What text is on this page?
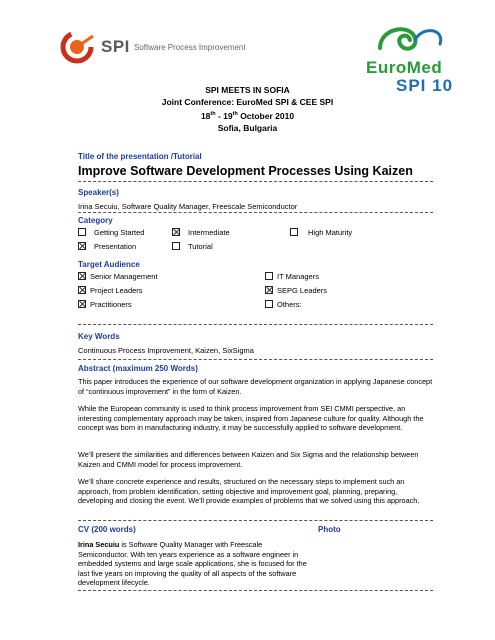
SPI Software Process Improvement
EuroMed
SPI 10
SPI MEETS IN SOFIA
Joint Conference: EuroMed SPI & CEE SPI
18th - 19th October 2010
Sofia, Bulgaria
Title of the presentation /Tutorial
Improve Software Development Processes Using Kaizen
Speaker(s)
Irina Secuiu, Software Quality Manager, Freescale Semiconductor
Category
Getting Started	Intermediate	High Maturity
Presentation	Tutorial
Target Audience
Senior Management	IT Managers
Project Leaders	SEPG Leaders
Practitioners	Others:
Key Words
Continuous Process Improvement, Kaizen, SixSigma
Abstract (maximum 250 Words)
This paper introduces the experience of our software development organization in applying Japanese concept of “continuous improvement” in the form of Kaizen.
While the European community is used to think process improvement from SEI CMMI perspective, an interesting complementary approach may be taken, inspired from Japanese culture for quality. Although the concept was born in manufacturing industry, it may be successfully applied to software development.
We’ll present the similarities and differences between Kaizen and Six Sigma and the relationship between Kaizen and CMMI model for process improvement.
We’ll share concrete experience and results, structured on the necessary steps to implement such an approach, from problem identification, setting objective and improvement goal, planning, preparing, developing and closing the event. We’ll provide examples of problems that we solved using this approach.
CV (200 words)	Photo
Irina Secuiu is Software Quality Manager with Freescale Semiconductor. With ten years experience as a software engineer in embedded systems and large scale applications, she is focused for the last five years on improving the quality of all aspects of the software development lifecycle.
